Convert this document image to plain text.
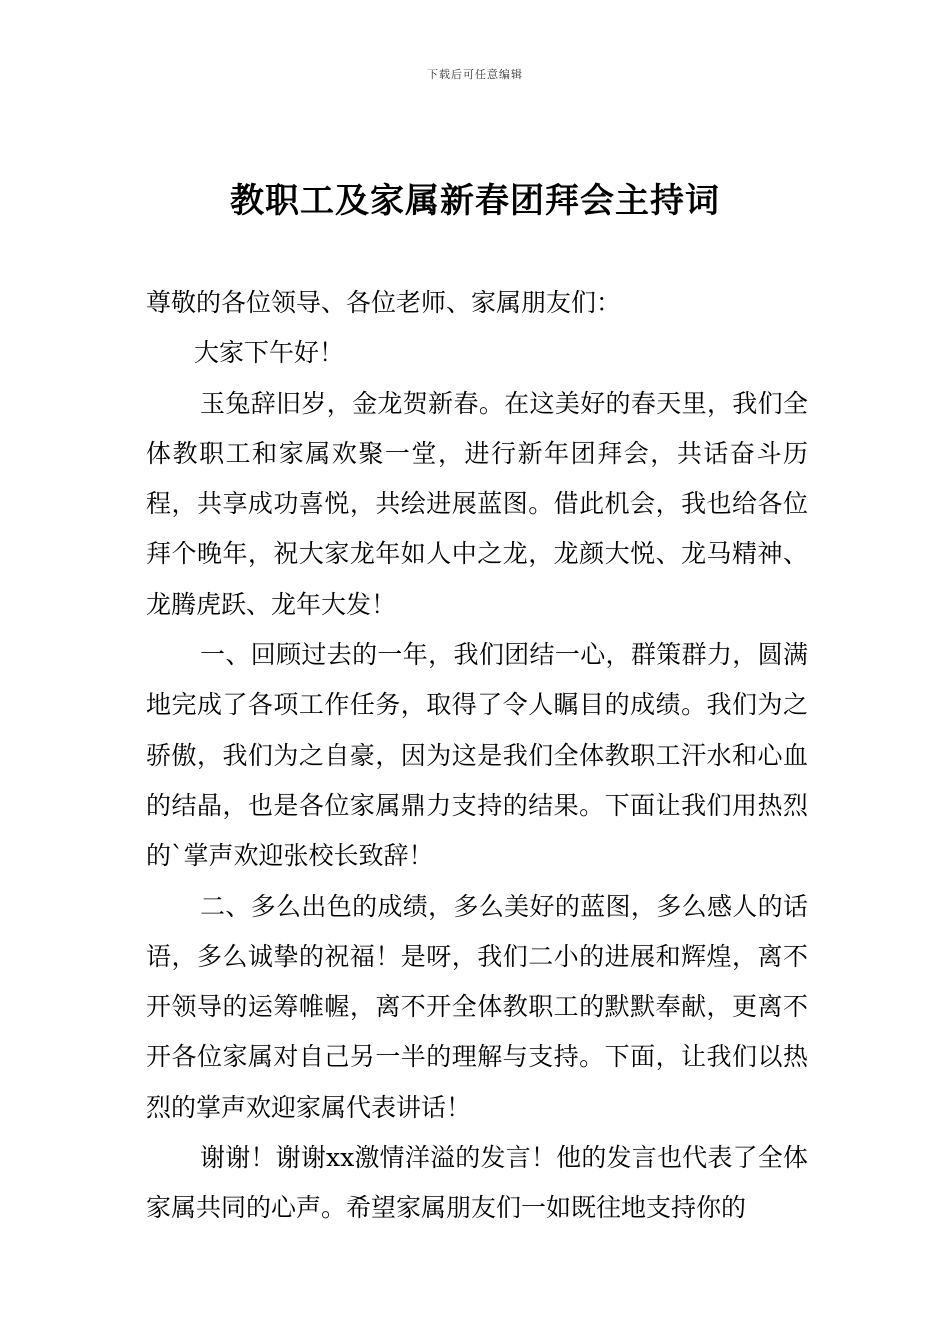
下载后可任意编辑
教职工及家属新春团拜会主持词

尊敬的各位领导、各位老师、家属朋友们：

大家下午好！

玉兔辞旧岁，金龙贺新春。在这美好的春天里，我们全体教职工和家属欢聚一堂，进行新年团拜会，共话奋斗历程，共享成功喜悦，共绘进展蓝图。借此机会，我也给各位拜个晚年，祝大家龙年如人中之龙，龙颜大悦、龙马精神、龙腾虎跃、龙年大发！

一、回顾过去的一年，我们团结一心，群策群力，圆满地完成了各项工作任务，取得了令人瞩目的成绩。我们为之骄傲，我们为之自豪，因为这是我们全体教职工汗水和心血的结晶，也是各位家属鼎力支持的结果。下面让我们用热烈的`掌声欢迎张校长致辞！

二、多么出色的成绩，多么美好的蓝图，多么感人的话语，多么诚挚的祝福！是呀，我们二小的进展和辉煌，离不开领导的运筹帷幄，离不开全体教职工的默默奉献，更离不开各位家属对自己另一半的理解与支持。下面，让我们以热烈的掌声欢迎家属代表讲话！

谢谢！谢谢xx激情洋溢的发言！他的发言也代表了全体家属共同的心声。希望家属朋友们一如既往地支持你的
